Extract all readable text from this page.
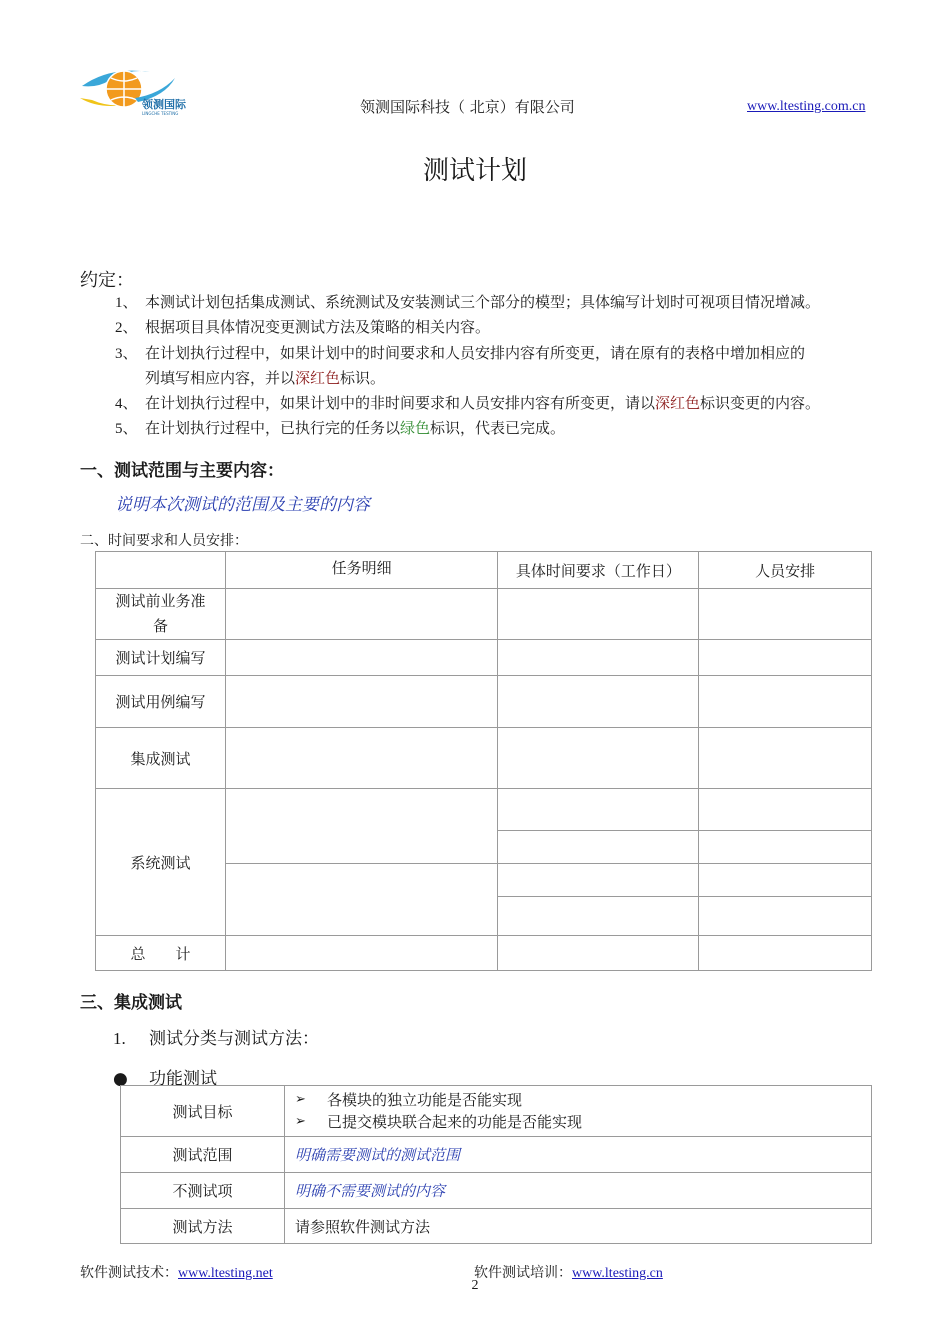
领测国际
LINGCHE TESTING	领测国际科技（ 北京）有限公司	www.ltesting.com.cn
测试计划
约定：
1、 本测试计划包括集成测试、系统测试及安装测试三个部分的模型；具体编写计划时可视项目情况增减。
2、 根据项目具体情况变更测试方法及策略的相关内容。
3、 在计划执行过程中，如果计划中的时间要求和人员安排内容有所变更，请在原有的表格中增加相应的
列填写相应内容，并以深红色标识。
4、 在计划执行过程中，如果计划中的非时间要求和人员安排内容有所变更，请以深红色标识变更的内容。
5、 在计划执行过程中，已执行完的任务以绿色标识，代表已完成。
一、测试范围与主要内容：
说明本次测试的范围及主要的内容
二、时间要求和人员安排：
	任务明细	具体时间要求（工作日）	人员安排
测试前业务准备			
测试计划编写			
测试用例编写			
集成测试			
系统测试			

总　　计			
三、集成测试
1. 测试分类与测试方法：
● 功能测试
测试目标	➢ 各模块的独立功能是否能实现
➢ 已提交模块联合起来的功能是否能实现

测试范围	明确需要测试的测试范围
不测试项	明确不需要测试的内容
测试方法	请参照软件测试方法
软件测试技术：www.ltesting.net	软件测试培训：www.ltesting.cn
2
